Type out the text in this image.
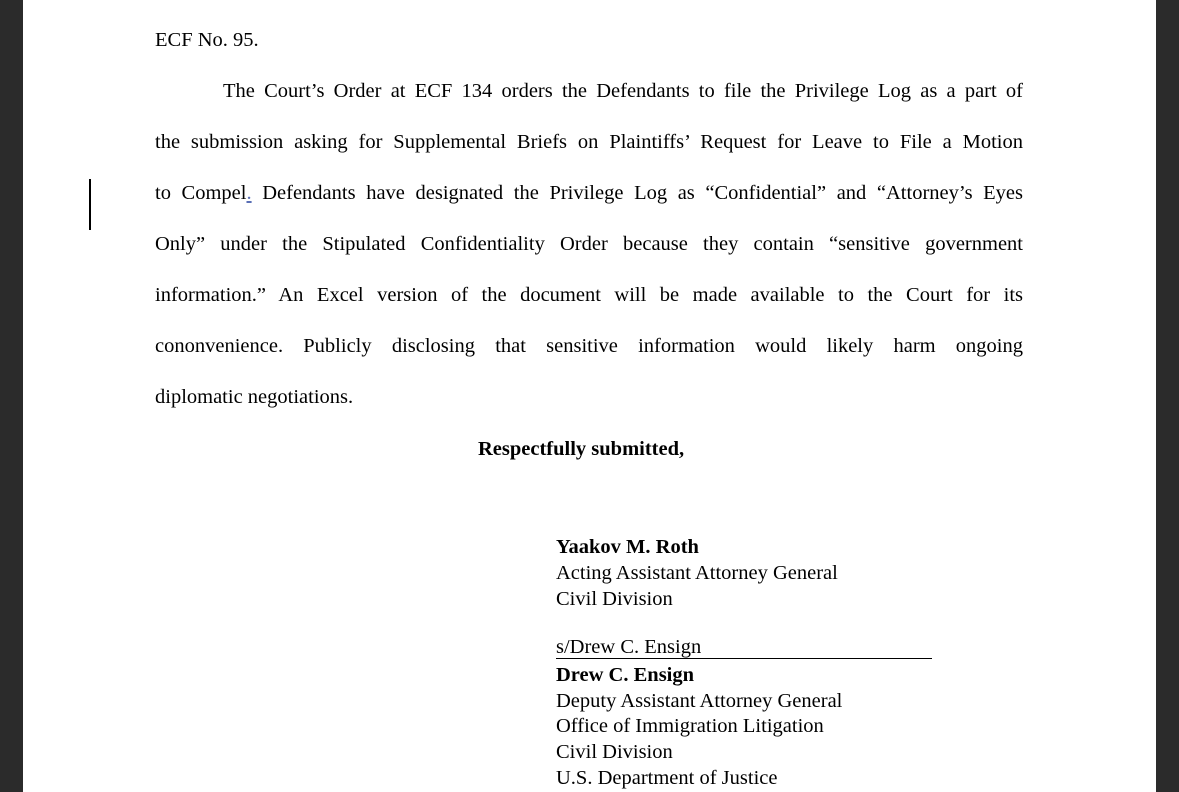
ECF No. 95.
The Court’s Order at ECF 134 orders the Defendants to file the Privilege Log as a part of
the submission asking for Supplemental Briefs on Plaintiffs’ Request for Leave to File a Motion
to Compel. Defendants have designated the Privilege Log as “Confidential” and “Attorney’s Eyes
Only” under the Stipulated Confidentiality Order because they contain “sensitive government
information.” An Excel version of the document will be made available to the Court for its
cononvenience. Publicly disclosing that sensitive information would likely harm ongoing
diplomatic negotiations.
Respectfully submitted,
Yaakov M. Roth
Acting Assistant Attorney General
Civil Division
s/Drew C. Ensign
Drew C. Ensign
Deputy Assistant Attorney General
Office of Immigration Litigation
Civil Division
U.S. Department of Justice
